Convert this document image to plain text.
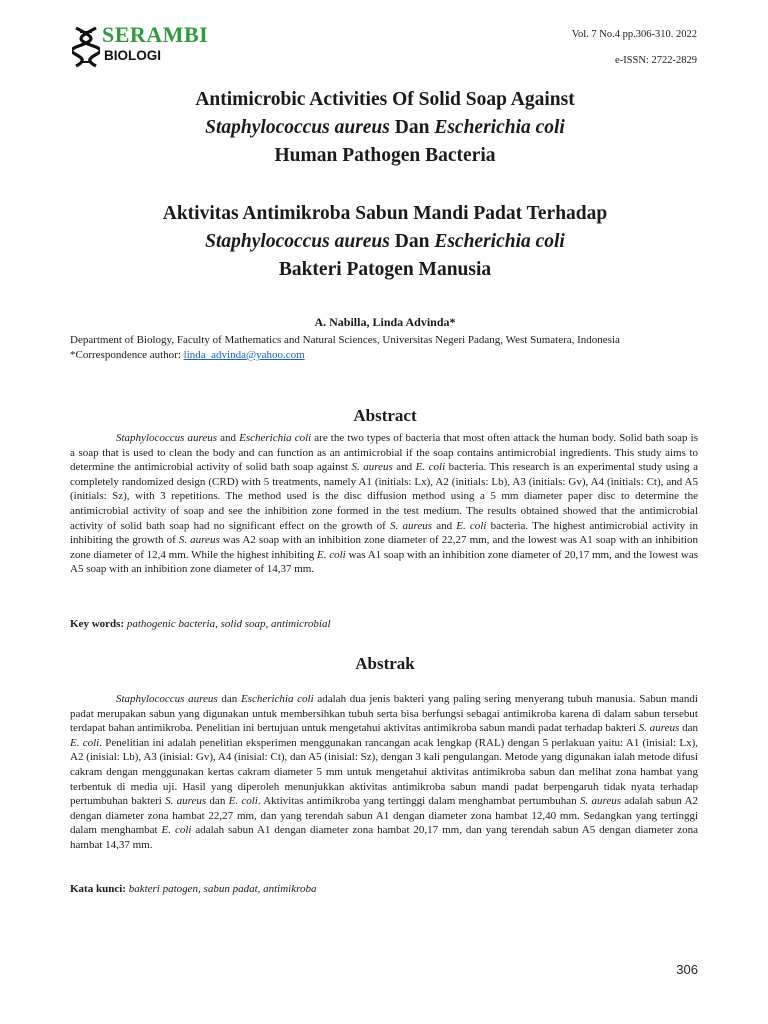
SERAMBI
BIOLOGI
Vol. 7 No.4 pp.306-310. 2022
e-ISSN: 2722-2829
Antimicrobic Activities Of Solid Soap Against
Staphylococcus aureus Dan Escherichia coli
Human Pathogen Bacteria
Aktivitas Antimikroba Sabun Mandi Padat Terhadap
Staphylococcus aureus Dan Escherichia coli
Bakteri Patogen Manusia
A. Nabilla, Linda Advinda*
Department of Biology, Faculty of Mathematics and Natural Sciences, Universitas Negeri Padang, West Sumatera, Indonesia
*Correspondence author: linda_advinda@yahoo.com
Abstract
Staphylococcus aureus and Escherichia coli are the two types of bacteria that most often attack the human body. Solid bath soap is a soap that is used to clean the body and can function as an antimicrobial if the soap contains antimicrobial ingredients. This study aims to determine the antimicrobial activity of solid bath soap against S. aureus and E. coli bacteria. This research is an experimental study using a completely randomized design (CRD) with 5 treatments, namely A1 (initials: Lx), A2 (initials: Lb), A3 (initials: Gv), A4 (initials: Ct), and A5 (initials: Sz), with 3 repetitions. The method used is the disc diffusion method using a 5 mm diameter paper disc to determine the antimicrobial activity of soap and see the inhibition zone formed in the test medium. The results obtained showed that the antimicrobial activity of solid bath soap had no significant effect on the growth of S. aureus and E. coli bacteria. The highest antimicrobial activity in inhibiting the growth of S. aureus was A2 soap with an inhibition zone diameter of 22,27 mm, and the lowest was A1 soap with an inhibition zone diameter of 12,4 mm. While the highest inhibiting E. coli was A1 soap with an inhibition zone diameter of 20,17 mm, and the lowest was A5 soap with an inhibition zone diameter of 14,37 mm.
Key words: pathogenic bacteria, solid soap, antimicrobial
Abstrak
Staphylococcus aureus dan Escherichia coli adalah dua jenis bakteri yang paling sering menyerang tubuh manusia. Sabun mandi padat merupakan sabun yang digunakan untuk membersihkan tubuh serta bisa berfungsi sebagai antimikroba karena di dalam sabun tersebut terdapat bahan antimikroba. Penelitian ini bertujuan untuk mengetahui aktivitas antimikroba sabun mandi padat terhadap bakteri S. aureus dan E. coli. Penelitian ini adalah penelitian eksperimen menggunakan rancangan acak lengkap (RAL) dengan 5 perlakuan yaitu: A1 (inisial: Lx), A2 (inisial: Lb), A3 (inisial: Gv), A4 (inisial: Ct), dan A5 (inisial: Sz), dengan 3 kali pengulangan. Metode yang digunakan ialah metode difusi cakram dengan menggunakan kertas cakram diameter 5 mm untuk mengetahui aktivitas antimikroba sabun dan melihat zona hambat yang terbentuk di media uji. Hasil yang diperoleh menunjukkan aktivitas antimikroba sabun mandi padat berpengaruh tidak nyata terhadap pertumbuhan bakteri S. aureus dan E. coli. Aktivitas antimikroba yang tertinggi dalam menghambat pertumbuhan S. aureus adalah sabun A2 dengan diameter zona hambat 22,27 mm, dan yang terendah sabun A1 dengan diameter zona hambat 12,40 mm. Sedangkan yang tertinggi dalam menghambat E. coli adalah sabun A1 dengan diameter zona hambat 20,17 mm, dan yang terendah sabun A5 dengan diameter zona hambat 14,37 mm.
Kata kunci: bakteri patogen, sabun padat, antimikroba
306
